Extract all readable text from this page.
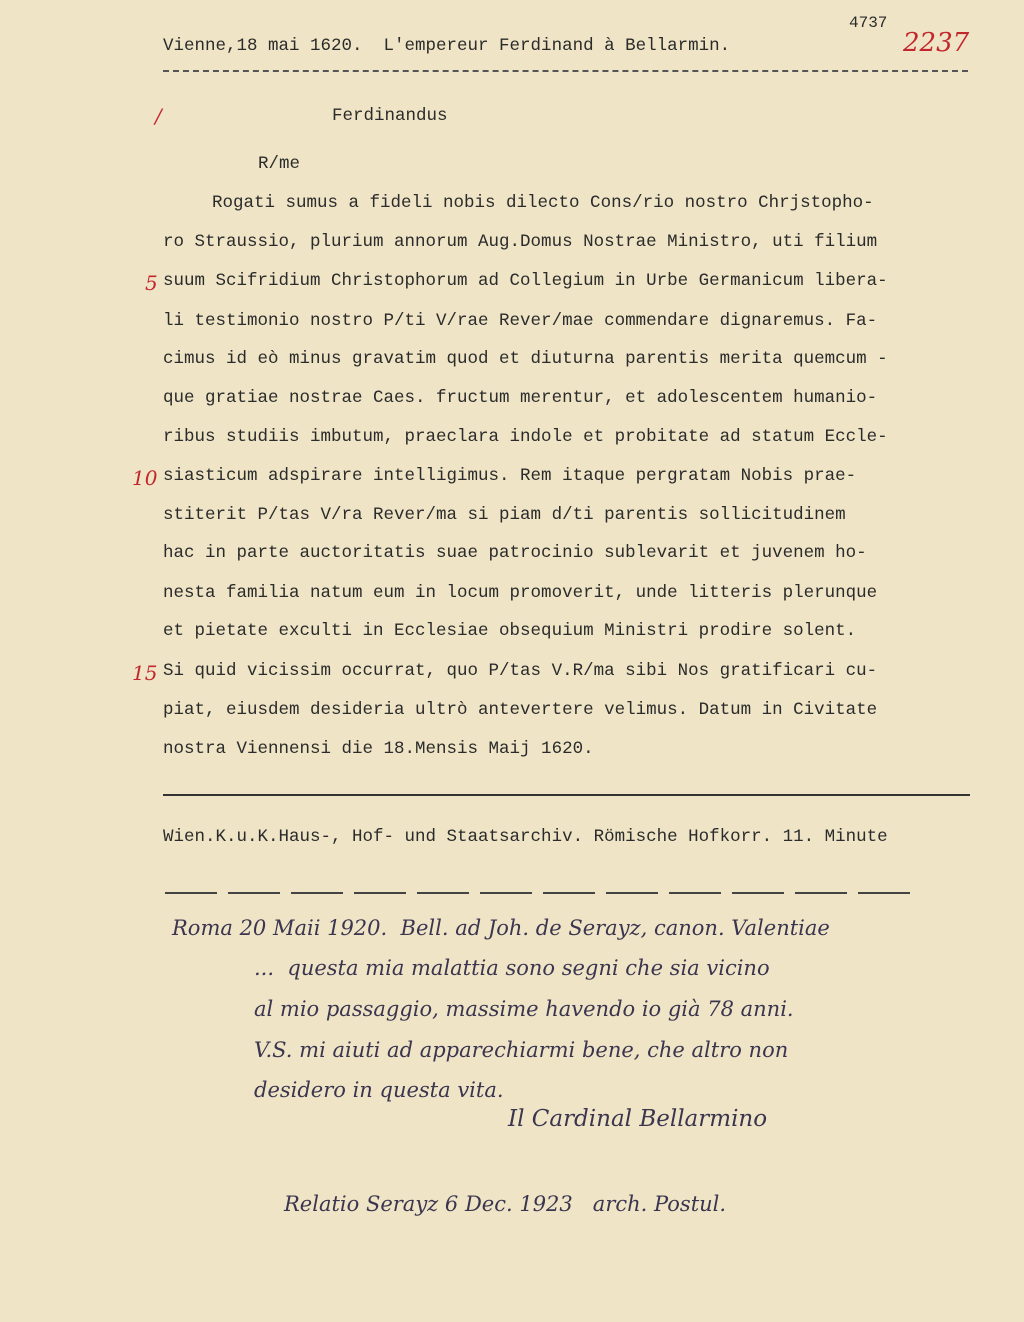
4737
2237
Vienne,18 mai 1620.  L'empereur Ferdinand à Bellarmin.
/	Ferdinandus
R/me
Rogati sumus a fideli nobis dilecto Cons/rio nostro Chrjstopho-
ro Straussio, plurium annorum Aug.Domus Nostrae Ministro, uti filium
suum Scifridium Christophorum ad Collegium in Urbe Germanicum libera-
li testimonio nostro P/ti V/rae Rever/mae commendare dignaremus. Fa-
cimus id eò minus gravatim quod et diuturna parentis merita quemcum -
que gratiae nostrae Caes. fructum merentur, et adolescentem humanio-
ribus studiis imbutum, praeclara indole et probitate ad statum Eccle-
siasticum adspirare intelligimus. Rem itaque pergratam Nobis prae-
stiterit P/tas V/ra Rever/ma si piam d/ti parentis sollicitudinem
hac in parte auctoritatis suae patrocinio sublevarit et juvenem ho-
nesta familia natum eum in locum promoverit, unde litteris plerunque
et pietate exculti in Ecclesiae obsequium Ministri prodire solent.
Si quid vicissim occurrat, quo P/tas V.R/ma sibi Nos gratificari cu-
piat, eiusdem desideria ultrò antevertere velimus. Datum in Civitate
nostra Viennensi die 18.Mensis Maij 1620.
5
10
15
Wien.K.u.K.Haus-, Hof- und Staatsarchiv. Römische Hofkorr. 11. Minute
Roma 20 Maii 1920.  Bell. ad Joh. de Serayz, canon. Valentiae
...  questa mia malattia sono segni che sia vicino
al mio passaggio, massime havendo io già 78 anni.
V.S. mi aiuti ad apparechiarmi bene, che altro non
desidero in questa vita.
Il Cardinal Bellarmino
Relatio Serayz 6 Dec. 1923   arch. Postul.
